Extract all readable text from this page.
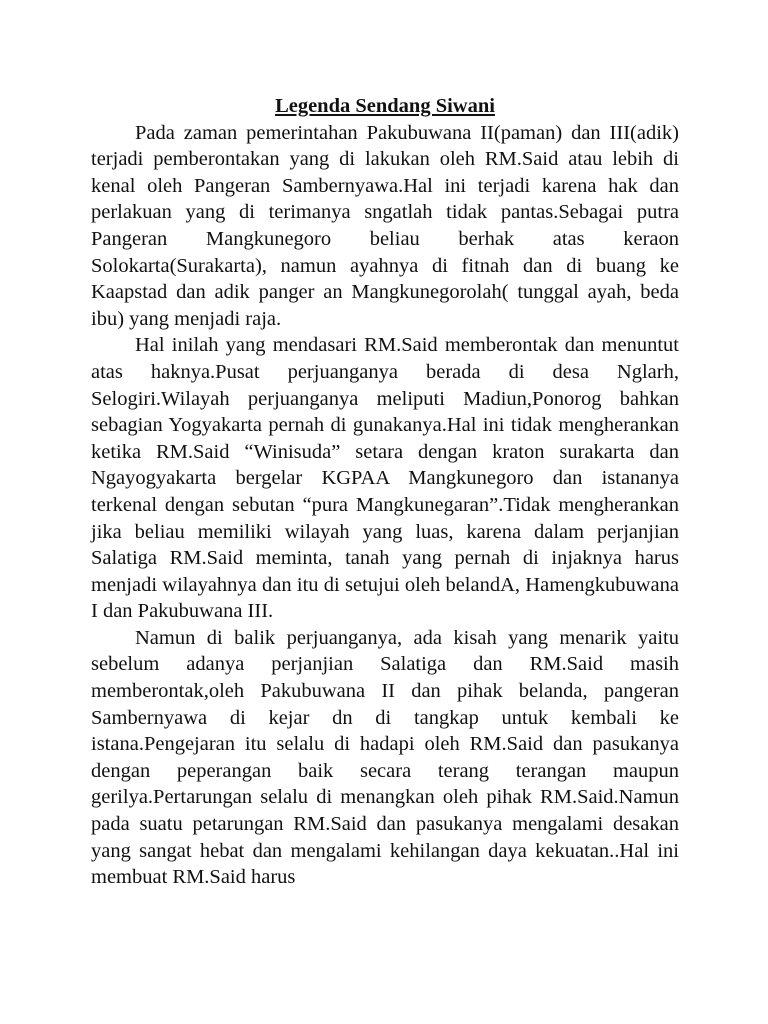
Legenda Sendang Siwani

Pada zaman pemerintahan Pakubuwana II(paman) dan III(adik) terjadi pemberontakan yang di lakukan oleh RM.Said atau lebih di kenal oleh Pangeran Sambernyawa.Hal ini terjadi karena hak dan perlakuan yang di terimanya sngatlah tidak pantas.Sebagai putra Pangeran Mangkunegoro beliau berhak atas keraon Solokarta(Surakarta), namun ayahnya di fitnah dan di buang ke Kaapstad dan adik panger an Mangkunegorolah( tunggal ayah, beda ibu) yang menjadi raja.

Hal inilah yang mendasari RM.Said memberontak dan menuntut atas haknya.Pusat perjuanganya berada di desa Nglarh, Selogiri.Wilayah perjuanganya meliputi Madiun,Ponorog bahkan sebagian Yogyakarta pernah di gunakanya.Hal ini tidak mengherankan ketika RM.Said “Winisuda” setara dengan kraton surakarta dan Ngayogyakarta bergelar KGPAA Mangkunegoro dan istananya terkenal dengan sebutan “pura Mangkunegaran”.Tidak mengherankan jika beliau memiliki wilayah yang luas, karena dalam perjanjian Salatiga RM.Said meminta, tanah yang pernah di injaknya harus menjadi wilayahnya dan itu di setujui oleh belandA, Hamengkubuwana I dan Pakubuwana III.

Namun di balik perjuanganya, ada kisah yang menarik yaitu sebelum adanya perjanjian Salatiga dan RM.Said masih memberontak,oleh Pakubuwana II dan pihak belanda, pangeran Sambernyawa di kejar dn di tangkap untuk kembali ke istana.Pengejaran itu selalu di hadapi oleh RM.Said dan pasukanya dengan peperangan baik secara terang terangan maupun gerilya.Pertarungan selalu di menangkan oleh pihak RM.Said.Namun pada suatu petarungan RM.Said dan pasukanya mengalami desakan yang sangat hebat dan mengalami kehilangan daya kekuatan..Hal ini membuat RM.Said harus
